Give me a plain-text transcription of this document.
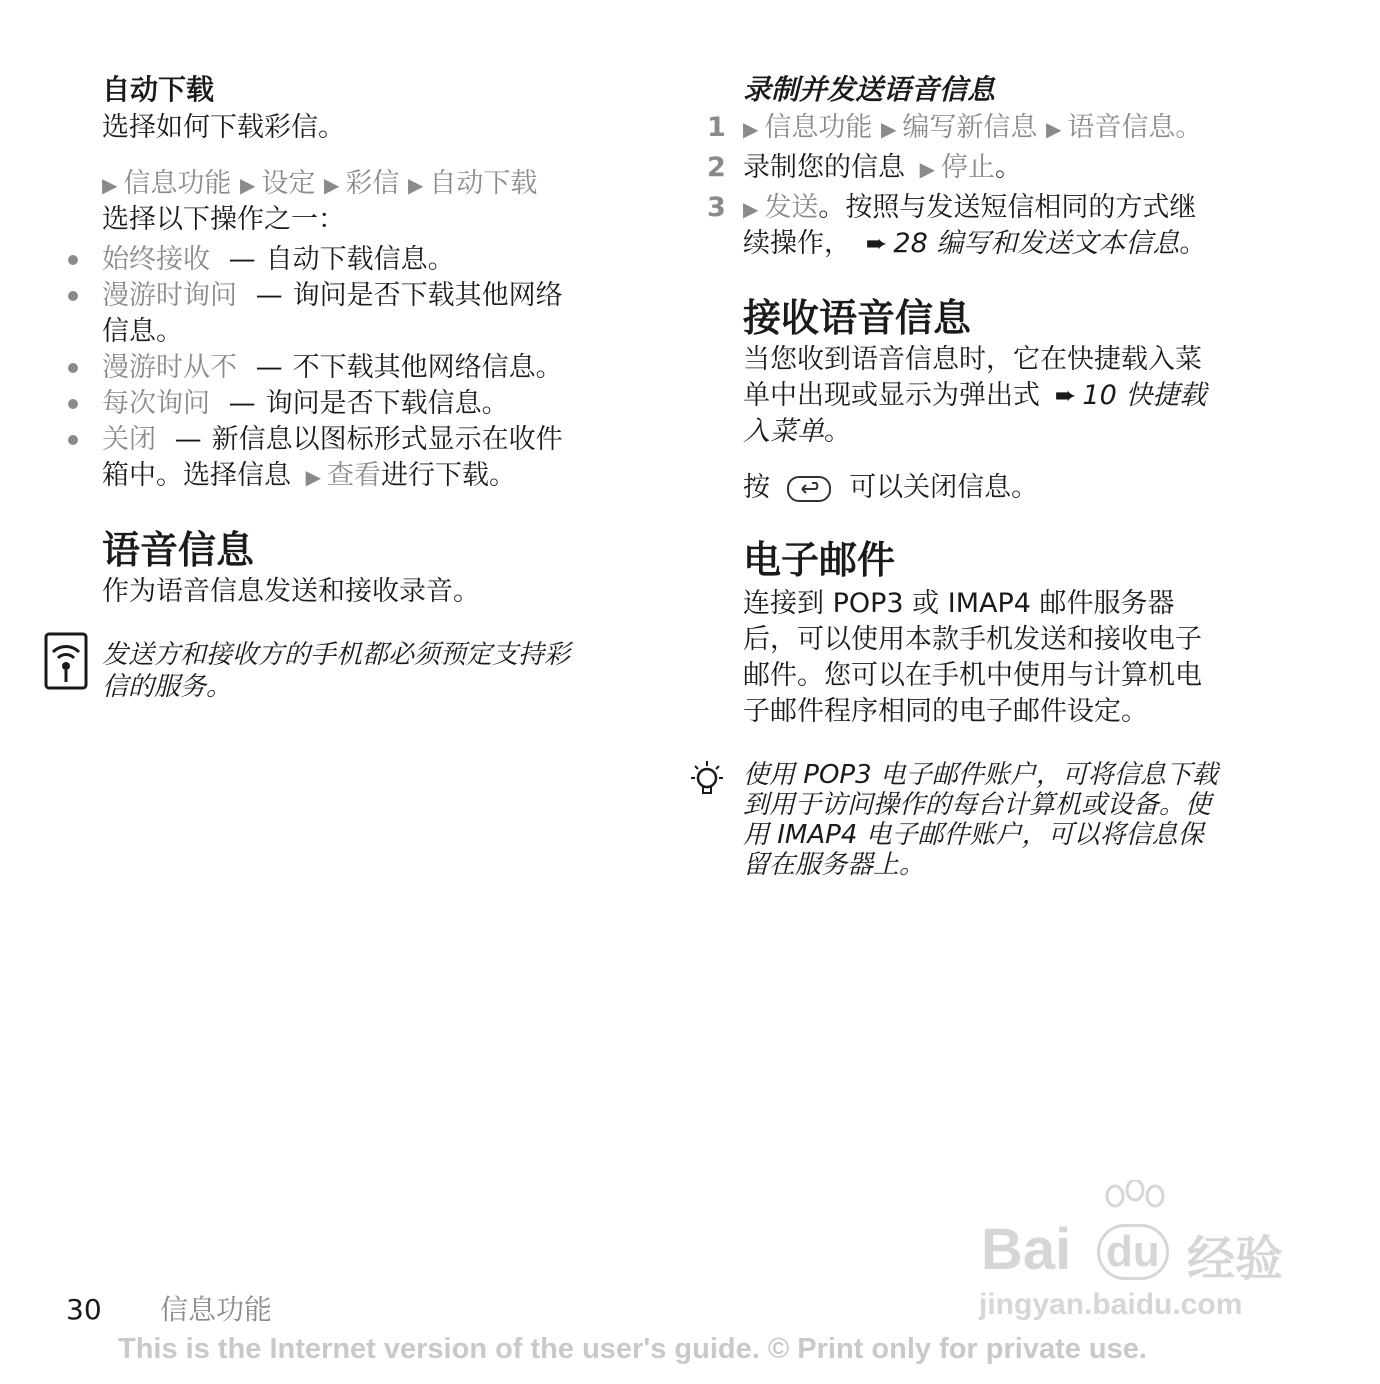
自动下载
选择如何下载彩信。
▶ 信息功能 ▶ 设定 ▶ 彩信 ▶ 自动下载
选择以下操作之一：
始终接收 — 自动下载信息。
漫游时询问 — 询问是否下载其他网络
信息。
漫游时从不 — 不下载其他网络信息。
每次询问 — 询问是否下载信息。
关闭 — 新信息以图标形式显示在收件
箱中。选择信息 ▶ 查看进行下载。
语音信息
作为语音信息发送和接收录音。
发送方和接收方的手机都必须预定支持彩
信的服务。
录制并发送语音信息
1 ▶ 信息功能 ▶ 编写新信息 ▶ 语音信息。
2 录制您的信息 ▶ 停止。
3 ▶ 发送。按照与发送短信相同的方式继
续操作， ➨ 28 编写和发送文本信息。
接收语音信息
当您收到语音信息时，它在快捷载入菜
单中出现或显示为弹出式 ➨ 10 快捷载
入菜单。
按	可以关闭信息。
电子邮件
连接到 POP3 或 IMAP4 邮件服务器
后，可以使用本款手机发送和接收电子
邮件。您可以在手机中使用与计算机电
子邮件程序相同的电子邮件设定。
使用 POP3 电子邮件账户，可将信息下载
到用于访问操作的每台计算机或设备。使
用 IMAP4 电子邮件账户，可以将信息保
留在服务器上。
30 信息功能
This is the Internet version of the user's guide. © Print only for private use.
Bai du 经验
jingyan.baidu.com
